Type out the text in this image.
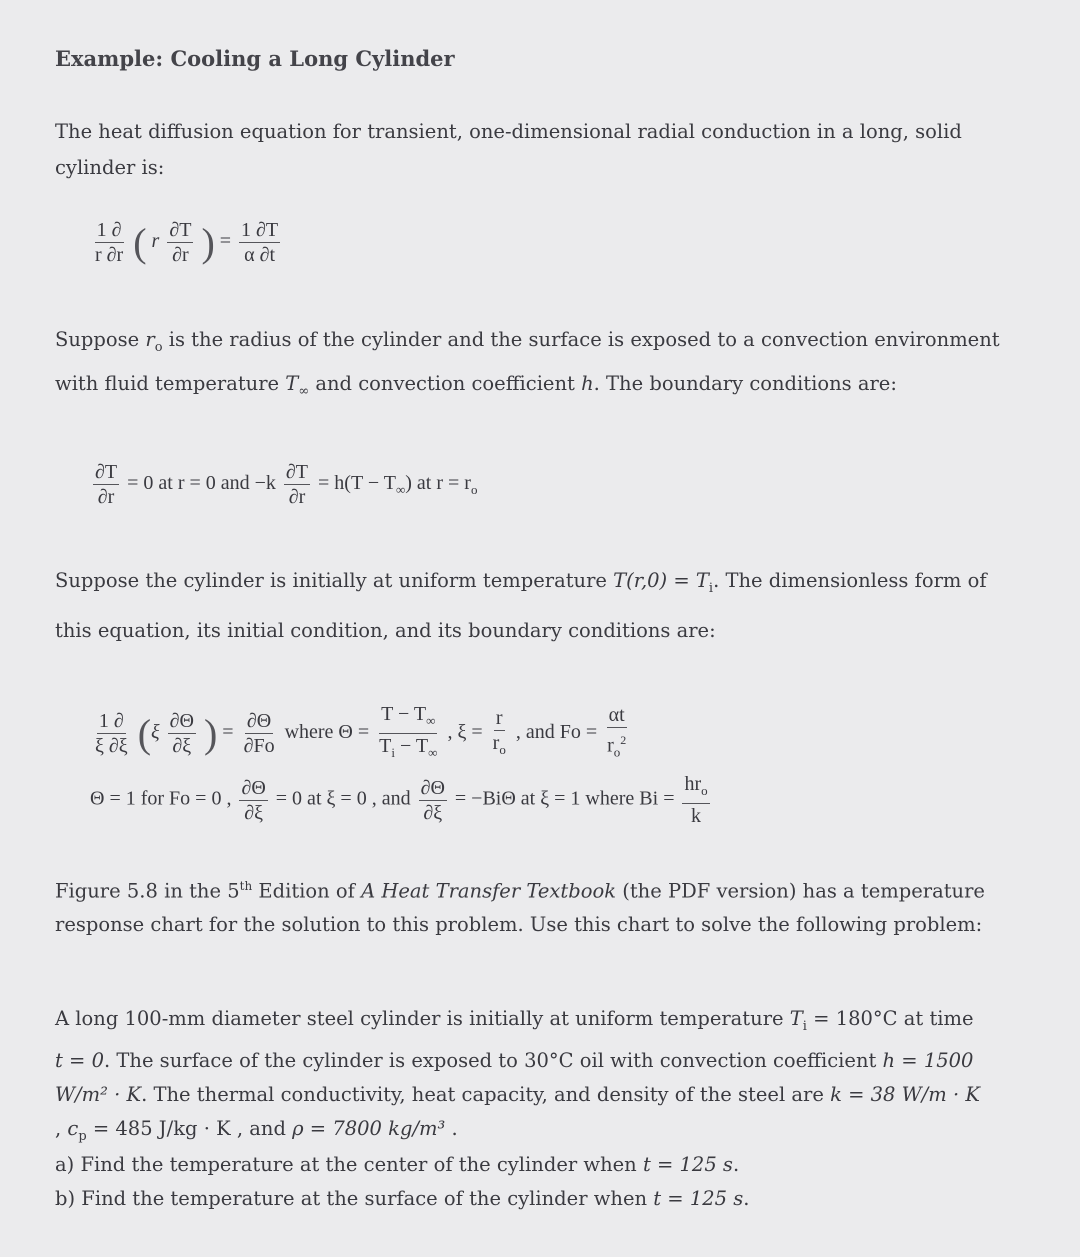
Example: Cooling a Long Cylinder
The heat diffusion equation for transient, one-dimensional radial conduction in a long, solid cylinder is:
$\frac{1 \partial}{r \partial r}$ ( r $\frac{\partial T}{\partial r}$ ) = $\frac{1 \partial T}{\alpha \partial t}$
Suppose $r_o$ is the radius of the cylinder and the surface is exposed to a convection environment with fluid temperature $T_\infty$ and convection coefficient h. The boundary conditions are:
$\frac{\partial T}{\partial r} = 0$ at r = 0 and $-k \frac{\partial T}{\partial r} = h(T - T_\infty)$ at $r = r_o$
Suppose the cylinder is initially at uniform temperature $T(r,0) = T_i$. The dimensionless form of this equation, its initial condition, and its boundary conditions are:
$\frac{1 \partial}{\xi \partial\xi} (\xi \frac{\partial\Theta}{\partial\xi}$ ) = $\frac{\partial\Theta}{\partial Fo}$ where $\Theta = \frac{T - T_\infty}{T_i - T_\infty}$ , $\xi = \frac{r}{r_o}$ , and $Fo = \frac{\alpha t}{r_o^2}$
Θ = 1 for Fo = 0 , $\frac{\partial\Theta}{\partial\xi} = 0$ at ξ = 0 , and $\frac{\partial\Theta}{\partial\xi} = -Bi\Theta$ at ξ = 1 where $Bi = \frac{hr_o}{k}$
Figure 5.8 in the 5th Edition of A Heat Transfer Textbook (the PDF version) has a temperature response chart for the solution to this problem. Use this chart to solve the following problem:
A long 100-mm diameter steel cylinder is initially at uniform temperature $T_i = 180^\circ C$ at time t = 0. The surface of the cylinder is exposed to 30°C oil with convection coefficient h = 1500 W/m² · K. The thermal conductivity, heat capacity, and density of the steel are k = 38 W/m · K , $c_p = 485$ J/kg · K , and ρ = 7800 kg/m³ .
a) Find the temperature at the center of the cylinder when t = 125 s.
b) Find the temperature at the surface of the cylinder when t = 125 s.
